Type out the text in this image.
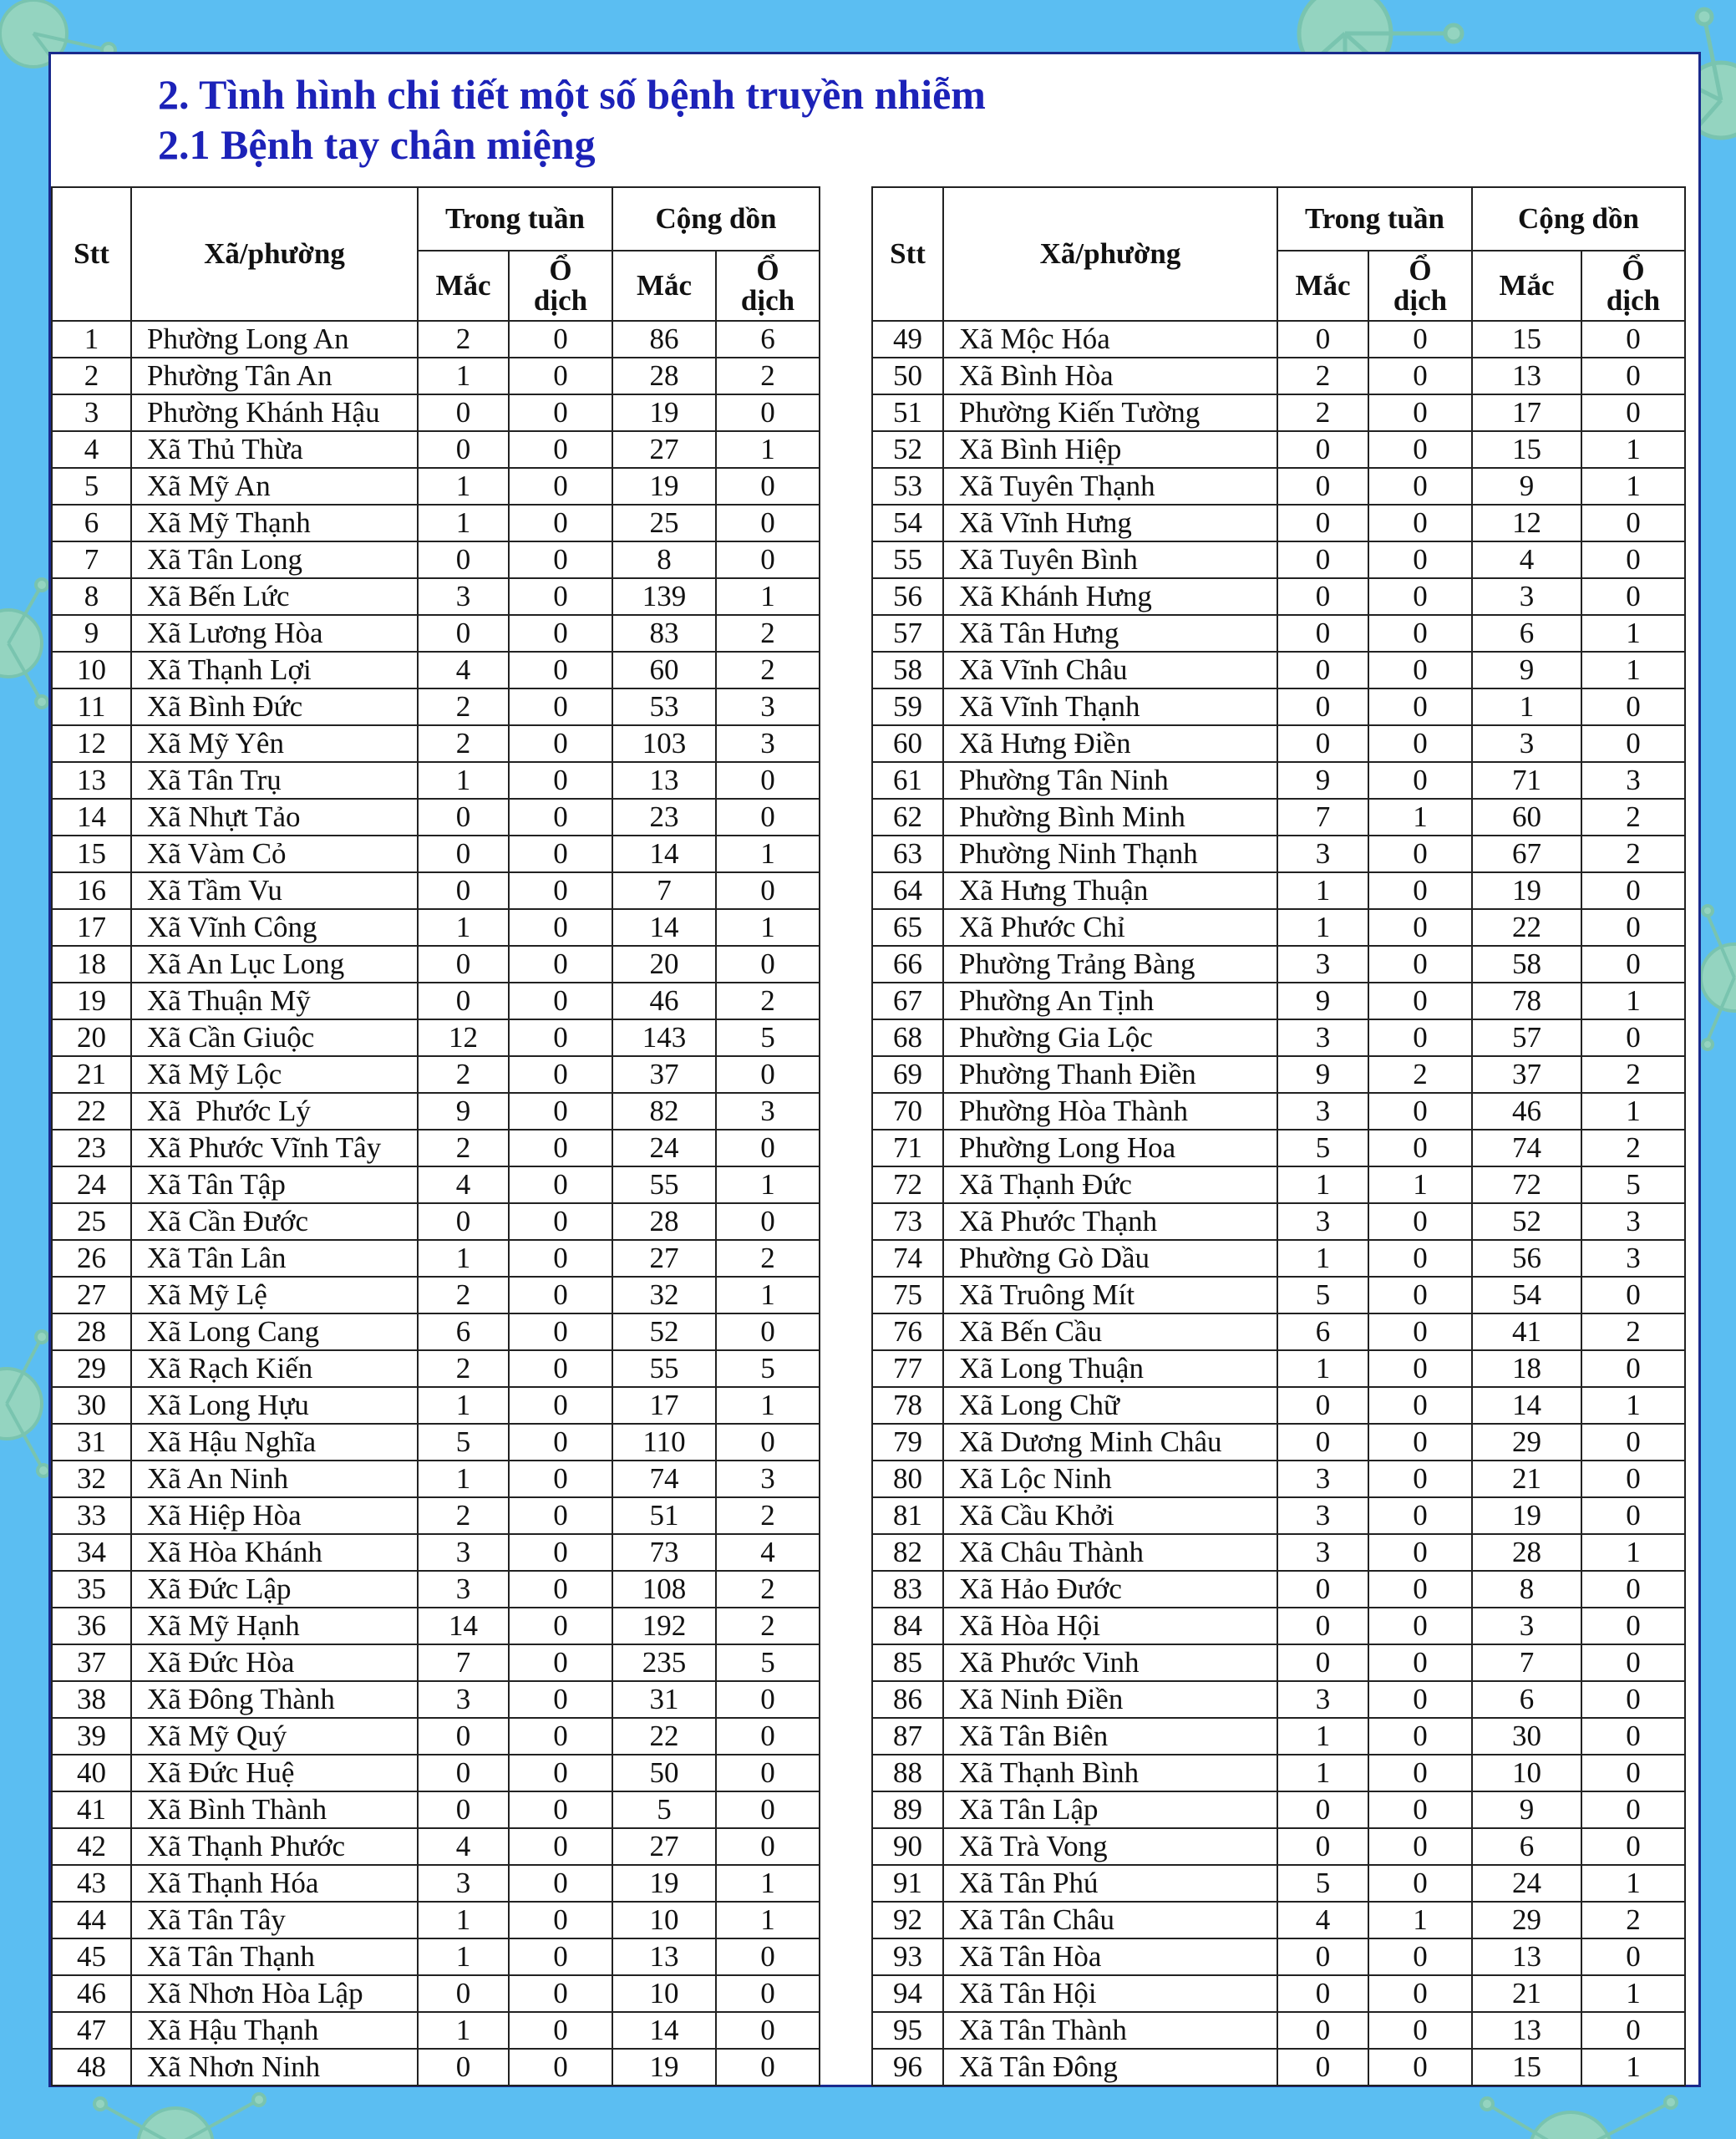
2. Tình hình chi tiết một số bệnh truyền nhiễm
2.1 Bệnh tay chân miệng
Stt	Xã/phường	Trong tuần		Cộng dồn	
		Mắc	Ổ dịch	Mắc	Ổ dịch
1	Phường Long An	2	0	86	6
2	Phường Tân An	1	0	28	2
3	Phường Khánh Hậu	0	0	19	0
4	Xã Thủ Thừa	0	0	27	1
5	Xã Mỹ An	1	0	19	0
6	Xã Mỹ Thạnh	1	0	25	0
7	Xã Tân Long	0	0	8	0
8	Xã Bến Lức	3	0	139	1
9	Xã Lương Hòa	0	0	83	2
10	Xã Thạnh Lợi	4	0	60	2
11	Xã Bình Đức	2	0	53	3
12	Xã Mỹ Yên	2	0	103	3
13	Xã Tân Trụ	1	0	13	0
14	Xã Nhựt Tảo	0	0	23	0
15	Xã Vàm Cỏ	0	0	14	1
16	Xã Tầm Vu	0	0	7	0
17	Xã Vĩnh Công	1	0	14	1
18	Xã An Lục Long	0	0	20	0
19	Xã Thuận Mỹ	0	0	46	2
20	Xã Cần Giuộc	12	0	143	5
21	Xã Mỹ Lộc	2	0	37	0
22	Xã  Phước Lý	9	0	82	3
23	Xã Phước Vĩnh Tây	2	0	24	0
24	Xã Tân Tập	4	0	55	1
25	Xã Cần Đước	0	0	28	0
26	Xã Tân Lân	1	0	27	2
27	Xã Mỹ Lệ	2	0	32	1
28	Xã Long Cang	6	0	52	0
29	Xã Rạch Kiến	2	0	55	5
30	Xã Long Hựu	1	0	17	1
31	Xã Hậu Nghĩa	5	0	110	0
32	Xã An Ninh	1	0	74	3
33	Xã Hiệp Hòa	2	0	51	2
34	Xã Hòa Khánh	3	0	73	4
35	Xã Đức Lập	3	0	108	2
36	Xã Mỹ Hạnh	14	0	192	2
37	Xã Đức Hòa	7	0	235	5
38	Xã Đông Thành	3	0	31	0
39	Xã Mỹ Quý	0	0	22	0
40	Xã Đức Huệ	0	0	50	0
41	Xã Bình Thành	0	0	5	0
42	Xã Thạnh Phước	4	0	27	0
43	Xã Thạnh Hóa	3	0	19	1
44	Xã Tân Tây	1	0	10	1
45	Xã Tân Thạnh	1	0	13	0
46	Xã Nhơn Hòa Lập	0	0	10	0
47	Xã Hậu Thạnh	1	0	14	0
48	Xã Nhơn Ninh	0	0	19	0
Stt	Xã/phường	Trong tuần		Cộng dồn	
		Mắc	Ổ dịch	Mắc	Ổ dịch
49	Xã Mộc Hóa	0	0	15	0
50	Xã Bình Hòa	2	0	13	0
51	Phường Kiến Tường	2	0	17	0
52	Xã Bình Hiệp	0	0	15	1
53	Xã Tuyên Thạnh	0	0	9	1
54	Xã Vĩnh Hưng	0	0	12	0
55	Xã Tuyên Bình	0	0	4	0
56	Xã Khánh Hưng	0	0	3	0
57	Xã Tân Hưng	0	0	6	1
58	Xã Vĩnh Châu	0	0	9	1
59	Xã Vĩnh Thạnh	0	0	1	0
60	Xã Hưng Điền	0	0	3	0
61	Phường Tân Ninh	9	0	71	3
62	Phường Bình Minh	7	1	60	2
63	Phường Ninh Thạnh	3	0	67	2
64	Xã Hưng Thuận	1	0	19	0
65	Xã Phước Chỉ	1	0	22	0
66	Phường Trảng Bàng	3	0	58	0
67	Phường An Tịnh	9	0	78	1
68	Phường Gia Lộc	3	0	57	0
69	Phường Thanh Điền	9	2	37	2
70	Phường Hòa Thành	3	0	46	1
71	Phường Long Hoa	5	0	74	2
72	Xã Thạnh Đức	1	1	72	5
73	Xã Phước Thạnh	3	0	52	3
74	Phường Gò Dầu	1	0	56	3
75	Xã Truông Mít	5	0	54	0
76	Xã Bến Cầu	6	0	41	2
77	Xã Long Thuận	1	0	18	0
78	Xã Long Chữ	0	0	14	1
79	Xã Dương Minh Châu	0	0	29	0
80	Xã Lộc Ninh	3	0	21	0
81	Xã Cầu Khởi	3	0	19	0
82	Xã Châu Thành	3	0	28	1
83	Xã Hảo Đước	0	0	8	0
84	Xã Hòa Hội	0	0	3	0
85	Xã Phước Vinh	0	0	7	0
86	Xã Ninh Điền	3	0	6	0
87	Xã Tân Biên	1	0	30	0
88	Xã Thạnh Bình	1	0	10	0
89	Xã Tân Lập	0	0	9	0
90	Xã Trà Vong	0	0	6	0
91	Xã Tân Phú	5	0	24	1
92	Xã Tân Châu	4	1	29	2
93	Xã Tân Hòa	0	0	13	0
94	Xã Tân Hội	0	0	21	1
95	Xã Tân Thành	0	0	13	0
96	Xã Tân Đông	0	0	15	1
